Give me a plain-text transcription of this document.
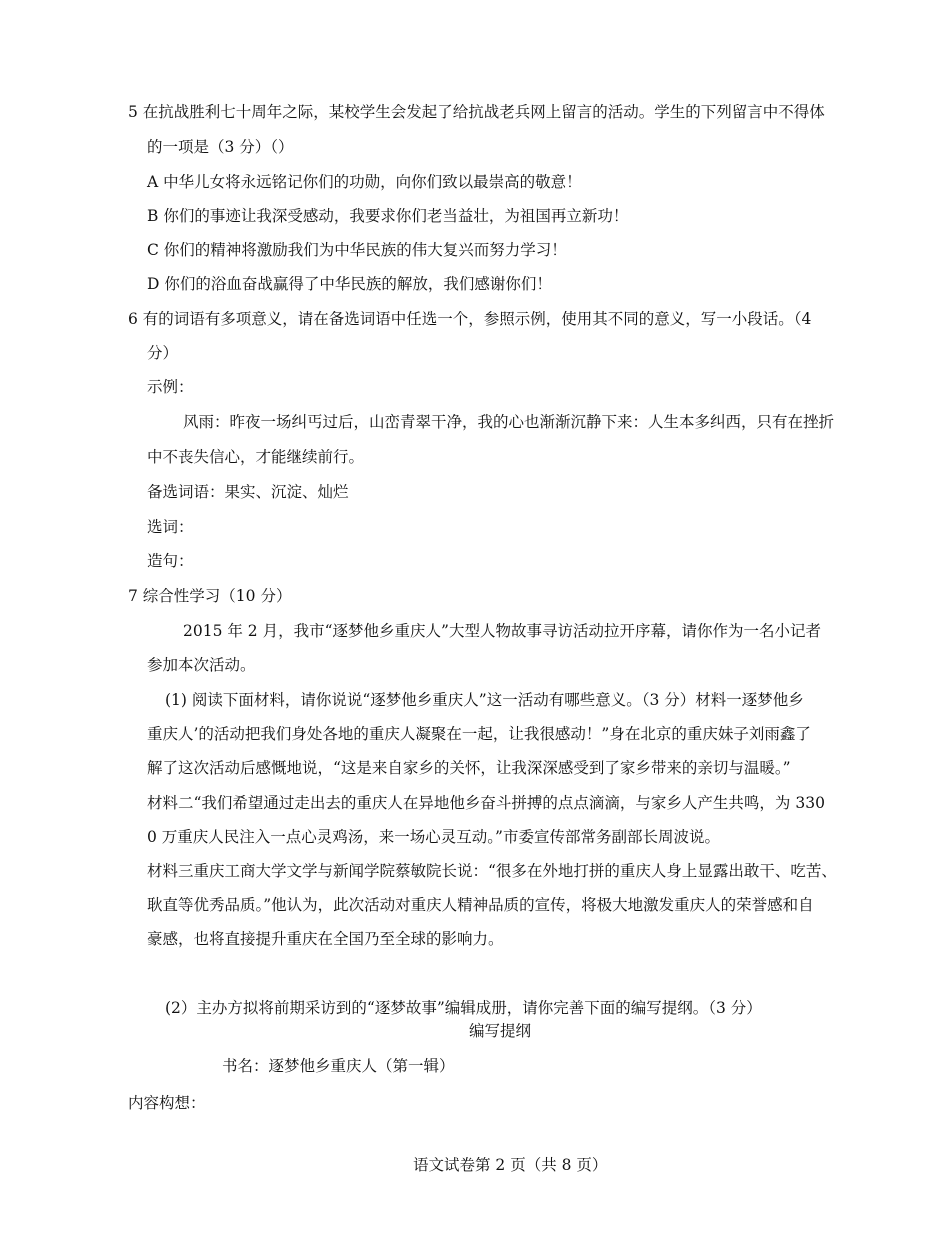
5 在抗战胜利七十周年之际，某校学生会发起了给抗战老兵网上留言的活动。学生的下列留言中不得体
的一项是（3 分）（）
A 中华儿女将永远铭记你们的功勋，向你们致以最崇高的敬意！
B 你们的事迹让我深受感动，我要求你们老当益壮，为祖国再立新功！
C 你们的精神将激励我们为中华民族的伟大复兴而努力学习！
D 你们的浴血奋战赢得了中华民族的解放，我们感谢你们！
6 有的词语有多项意义，请在备选词语中任选一个，参照示例，使用其不同的意义，写一小段话。（4
分）
示例：
风雨：昨夜一场纠丐过后，山峦青翠干净，我的心也渐渐沉静下来：人生本多纠西，只有在挫折
中不丧失信心，才能继续前行。
备选词语：果实、沉淀、灿烂
选词：
造句：
7 综合性学习（10 分）
2015 年 2 月，我市“逐梦他乡重庆人”大型人物故事寻访活动拉开序幕，请你作为一名小记者
参加本次活动。
(1) 阅读下面材料，请你说说“逐梦他乡重庆人”这一活动有哪些意义。（3 分）材料一逐梦他乡
重庆人’的活动把我们身处各地的重庆人凝聚在一起，让我很感动！”身在北京的重庆妹子刘雨鑫了
解了这次活动后感慨地说，“这是来自家乡的关怀，让我深深感受到了家乡带来的亲切与温暖。”
材料二“我们希望通过走出去的重庆人在异地他乡奋斗拼搏的点点滴滴，与家乡人产生共鸣，为 330
0 万重庆人民注入一点心灵鸡汤，来一场心灵互动。”市委宣传部常务副部长周波说。
材料三重庆工商大学文学与新闻学院蔡敏院长说：“很多在外地打拼的重庆人身上显露出敢干、吃苦、
耿直等优秀品质。”他认为，此次活动对重庆人精神品质的宣传，将极大地激发重庆人的荣誉感和自
豪感，也将直接提升重庆在全国乃至全球的影响力。
(2）主办方拟将前期采访到的“逐梦故事”编辑成册，请你完善下面的编写提纲。（3 分）
编写提纲
书名：逐梦他乡重庆人（第一辑）
内容构想：
语文试卷第 2 页（共 8 页）
